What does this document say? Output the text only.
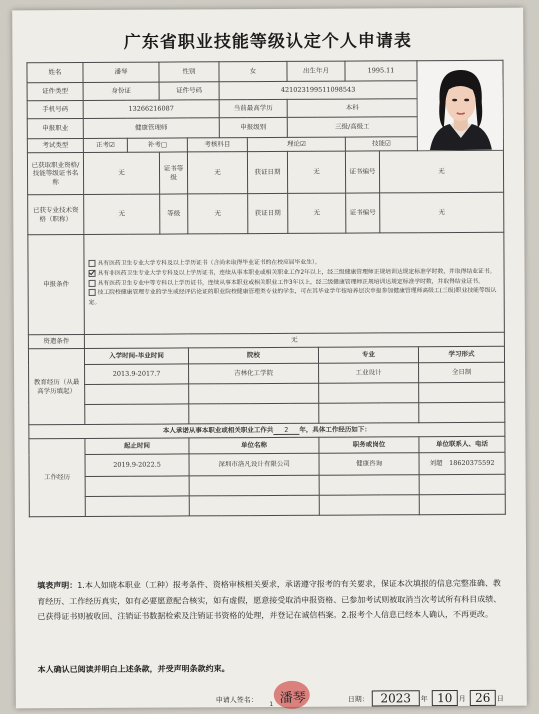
广东省职业技能等级认定个人申请表
姓名	潘琴		性别		女		出生年月		1995.11	

证件类型	身份证		证件号码		421023199511098543						
手机号码	13266216087				当前最高学历		本科				
申报职业	健康管理师				申报级别		三级/高级工				
考试类型	正考☑	补考□		考核科目		理论☑			技能☑		
已获取职业资格/技能等级证书名称	无		证书等级	无		获证日期	无		证书编号	无	
已获专业技术资格（职称）	无		等级	无		获证日期	无		证书编号	无	
申报条件	具有医药卫生专业大学专科及以上学历证书（含尚未取得毕业证书的在校应届毕业生）。
具有非医药卫生专业大学专科及以上学历证书，连续从事本职业或相关职业工作2年以上，经三级健康管理师正规培训达规定标准学时数，并取得结业证书。
具有医药卫生专业中等专科以上学历证书，连续从事本职业或相关职业工作3年以上，经三级健康管理师正规培训达规定标准学时数，并取得结业证书。
技工院校健康管理专业的学生或经评估论证的职业院校健康管理类专业的学生，可在其毕业学年按培养层次申报参加健康管理师高级工(三级)职业技能等级认定。										

资遣条件	无										
教育经历（从最高学历填起）	入学时间-毕业时间			院校				专业			学习形式
	2013.9-2017.7			吉林化工学院				工业设计			全日制

本人承诺从事本职业或相关职业工作共 2 年，具体工作经历如下：											
工作经历	起止时间			单位名称				职务或岗位			单位联系人、电话
	2019.9-2022.5			深圳市洛凡设计有限公司				健康咨询			刘超　18620375592

填表声明：1.本人如晓本职业（工种）报考条件、资格审核相关要求，承诺遵守报考的有关要求，保证本次填报的信息完整准确、教育经历、工作经历真实，如有必要愿意配合核实，如有虚假，愿意接受取消申报资格、已参加考试则被取消当次考试所有科目成绩、已获得证书则被收回、注销证书数据检索及注销证书资格的处理，并登记在诚信档案。2.报考个人信息已经本人确认，不再更改。
本人确认已阅读并明白上述条款，并受声明条款约束。
申请人签名： 潘琴	日期： 2023	年 10 月 26 日
1
